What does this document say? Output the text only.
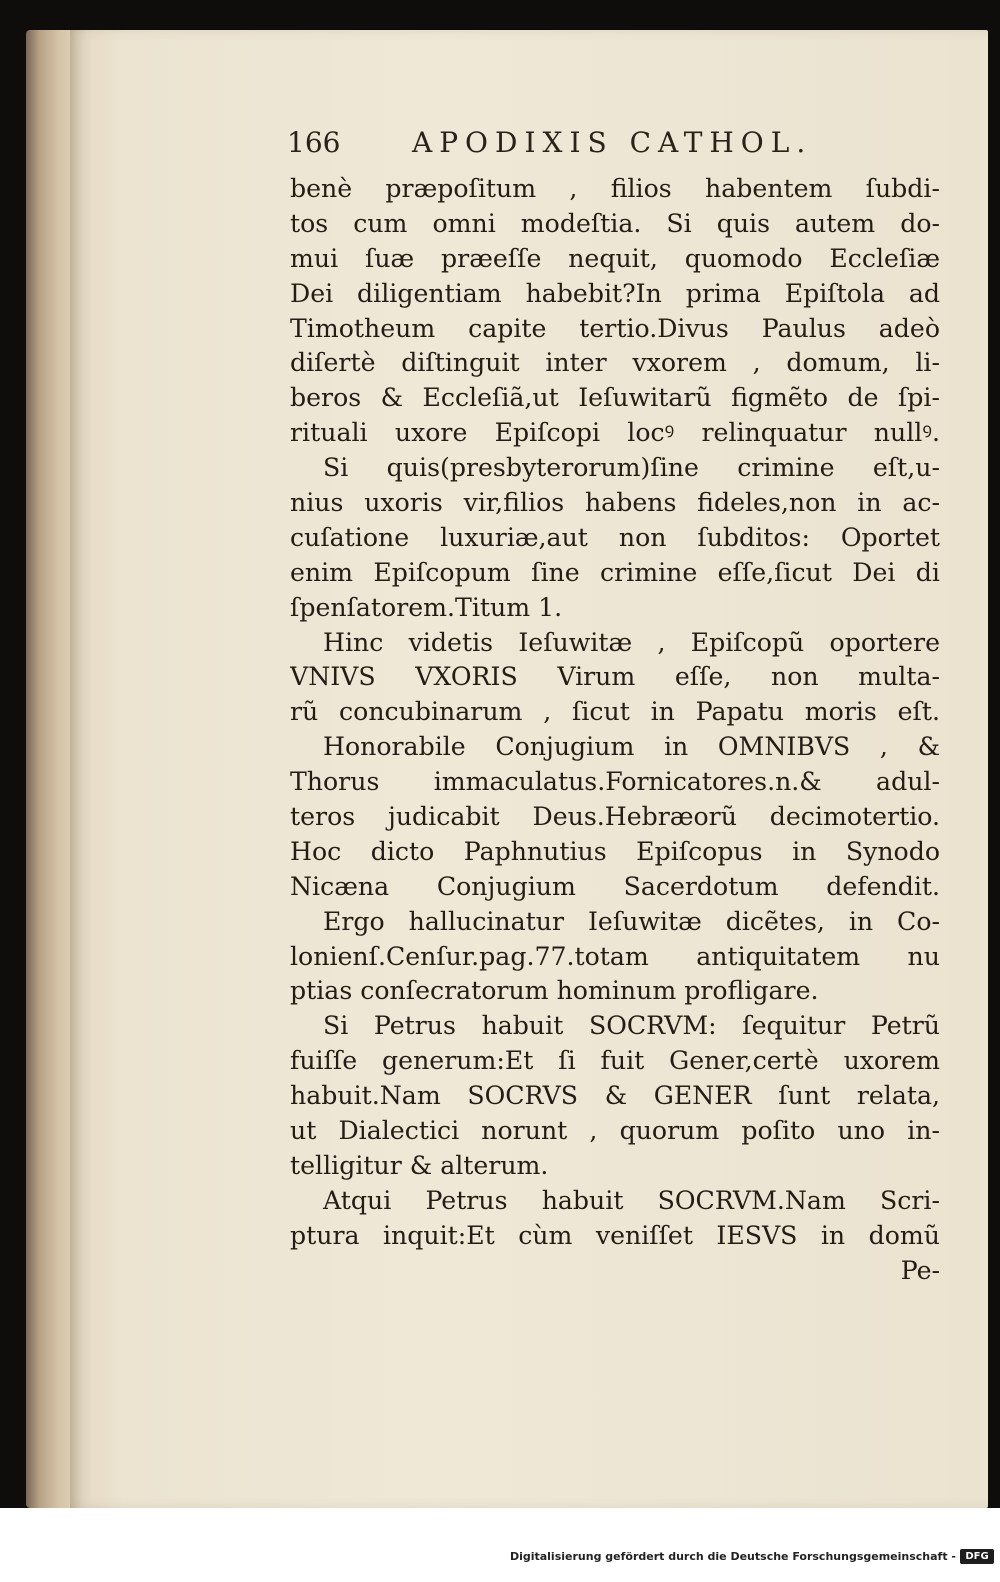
166	APODIXIS CATHOL.
benè præpoſitum , filios habentem ſubdi-
tos cum omni modeſtia. Si quis autem do-
mui ſuæ præeſſe nequit, quomodo Eccleſiæ
Dei diligentiam habebit?In prima Epiſtola ad
Timotheum capite tertio.Divus Paulus adeò
diſertè diſtinguit inter vxorem , domum, li-
beros & Eccleſiã,ut Ieſuwitarũ figmẽto de ſpi-
rituali uxore Epiſcopi locꝰ relinquatur nullꝰ.
Si quis(presbyterorum)ſine crimine eſt,u-
nius uxoris vir,filios habens fideles,non in ac-
cuſatione luxuriæ,aut non ſubditos: Oportet
enim Epiſcopum ſine crimine eſſe,ſicut Dei di
ſpenſatorem.Titum 1.
Hinc videtis Ieſuwitæ , Epiſcopũ oportere
VNIVS VXORIS Virum eſſe, non multa-
rũ concubinarum , ſicut in Papatu moris eſt.
Honorabile Conjugium in OMNIBVS , &
Thorus immaculatus.Fornicatores.n.& adul-
teros judicabit Deus.Hebræorũ decimotertio.
Hoc dicto Paphnutius Epiſcopus in Synodo
Nicæna Conjugium Sacerdotum defendit.
Ergo hallucinatur Ieſuwitæ dicẽtes, in Co-
lonienſ.Cenſur.pag.77.totam antiquitatem nu
ptias conſecratorum hominum profligare.
Si Petrus habuit SOCRVM: ſequitur Petrũ
fuiſſe generum:Et ſi fuit Gener,certè uxorem
habuit.Nam SOCRVS & GENER ſunt relata,
ut Dialectici norunt , quorum poſito uno in-
telligitur & alterum.
Atqui Petrus habuit SOCRVM.Nam Scri-
ptura inquit:Et cùm veniſſet IESVS in domũ
Pe-
Digitalisierung gefördert durch die Deutsche Forschungsgemeinschaft - DFG
